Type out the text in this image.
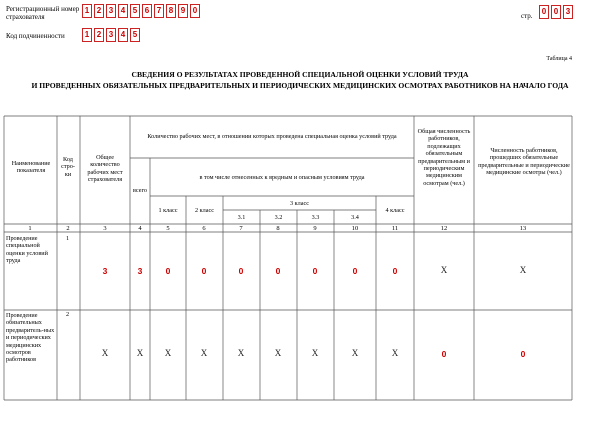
Регистрационный номер страхователя
1 2 3 4 5 6 7 8 9 0
стр.	0 0 3
Код подчиненности	1 2 3 4 5
Таблица 4
СВЕДЕНИЯ О РЕЗУЛЬТАТАХ ПРОВЕДЕННОЙ СПЕЦИАЛЬНОЙ ОЦЕНКИ УСЛОВИЙ ТРУДА
И ПРОВЕДЕННЫХ ОБЯЗАТЕЛЬНЫХ ПРЕДВАРИТЕЛЬНЫХ И ПЕРИОДИЧЕСКИХ МЕДИЦИНСКИХ ОСМОТРАХ РАБОТНИКОВ НА НАЧАЛО ГОДА
Наименование показателя
Код стро-ки
Общее количество рабочих мест страхователя
Количество рабочих мест, в отношении которых проведена специальная оценка условий труда
всего
в том числе отнесенных к вредным и опасным условиям труда
1 класс	2 класс
3 класс
3.1	3.2	3.3	3.4
4 класс
Общая численность работников, подлежащих обязательным предварительным и периодическим медицинским осмотрам (чел.)
Численность работников, прошедших обязательные предварительные и периодические медицинские осмотры (чел.)
1	2	3	4	5	6	7	8	9	10	11	12	13
Проведение специальной оценки условий труда
1
3	3	0	0	0	0	0	0	0	X	X
Проведение обязательных предваритель-ных и периодических медицинских осмотров работников
2
X	X	X	X	X	X	X	X	X	0	0
